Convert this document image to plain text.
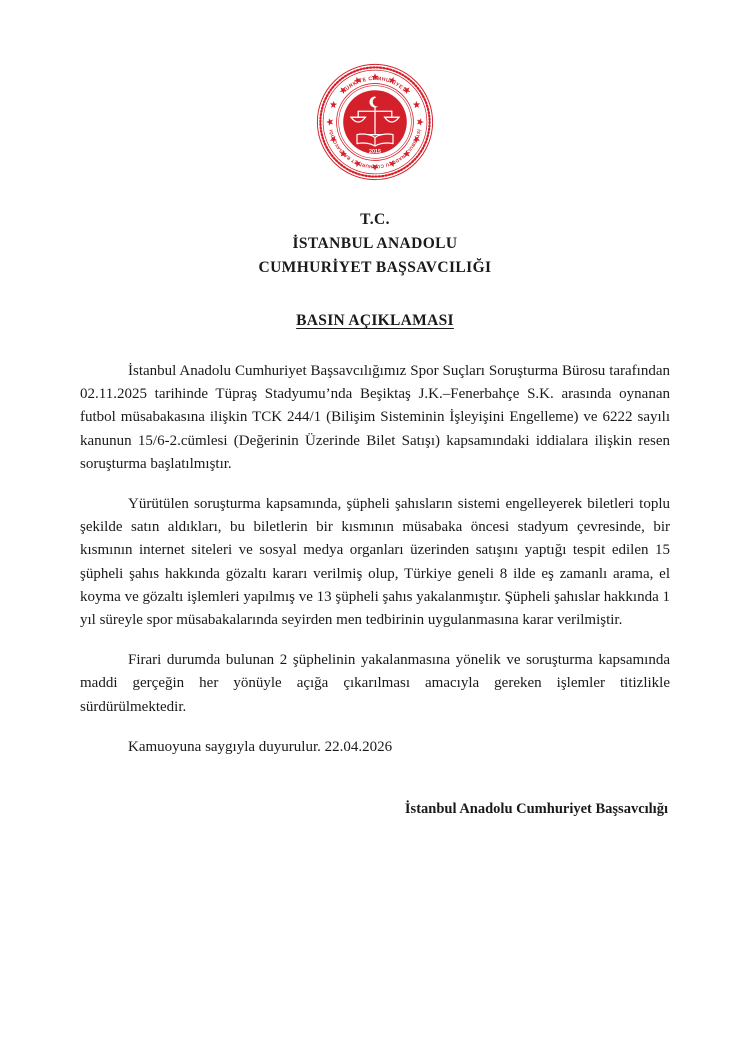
TÜRKİYE CUMHURİYETİ
İSTANBUL ANADOLU CUMHURİYET BAŞSAVCILIĞI
2015
T.C.
İSTANBUL ANADOLU
CUMHURİYET BAŞSAVCILIĞI
BASIN AÇIKLAMASI

İstanbul Anadolu Cumhuriyet Başsavcılığımız Spor Suçları Soruşturma Bürosu tarafından 02.11.2025 tarihinde Tüpraş Stadyumu’nda Beşiktaş J.K.–Fenerbahçe S.K. arasında oynanan futbol müsabakasına ilişkin TCK 244/1 (Bilişim Sisteminin İşleyişini Engelleme) ve 6222 sayılı kanunun 15/6-2.cümlesi (Değerinin Üzerinde Bilet Satışı) kapsamındaki iddialara ilişkin resen soruşturma başlatılmıştır.

Yürütülen soruşturma kapsamında, şüpheli şahısların sistemi engelleyerek biletleri toplu şekilde satın aldıkları, bu biletlerin bir kısmının müsabaka öncesi stadyum çevresinde, bir kısmının internet siteleri ve sosyal medya organları üzerinden satışını yaptığı tespit edilen 15 şüpheli şahıs hakkında gözaltı kararı verilmiş olup, Türkiye geneli 8 ilde eş zamanlı arama, el koyma ve gözaltı işlemleri yapılmış ve 13 şüpheli şahıs yakalanmıştır. Şüpheli şahıslar hakkında 1 yıl süreyle spor müsabakalarında seyirden men tedbirinin uygulanmasına karar verilmiştir.

Firari durumda bulunan 2 şüphelinin yakalanmasına yönelik ve soruşturma kapsamında maddi gerçeğin her yönüyle açığa çıkarılması amacıyla gereken işlemler titizlikle sürdürülmektedir.

Kamuoyuna saygıyla duyurulur. 22.04.2026

İstanbul Anadolu Cumhuriyet Başsavcılığı
